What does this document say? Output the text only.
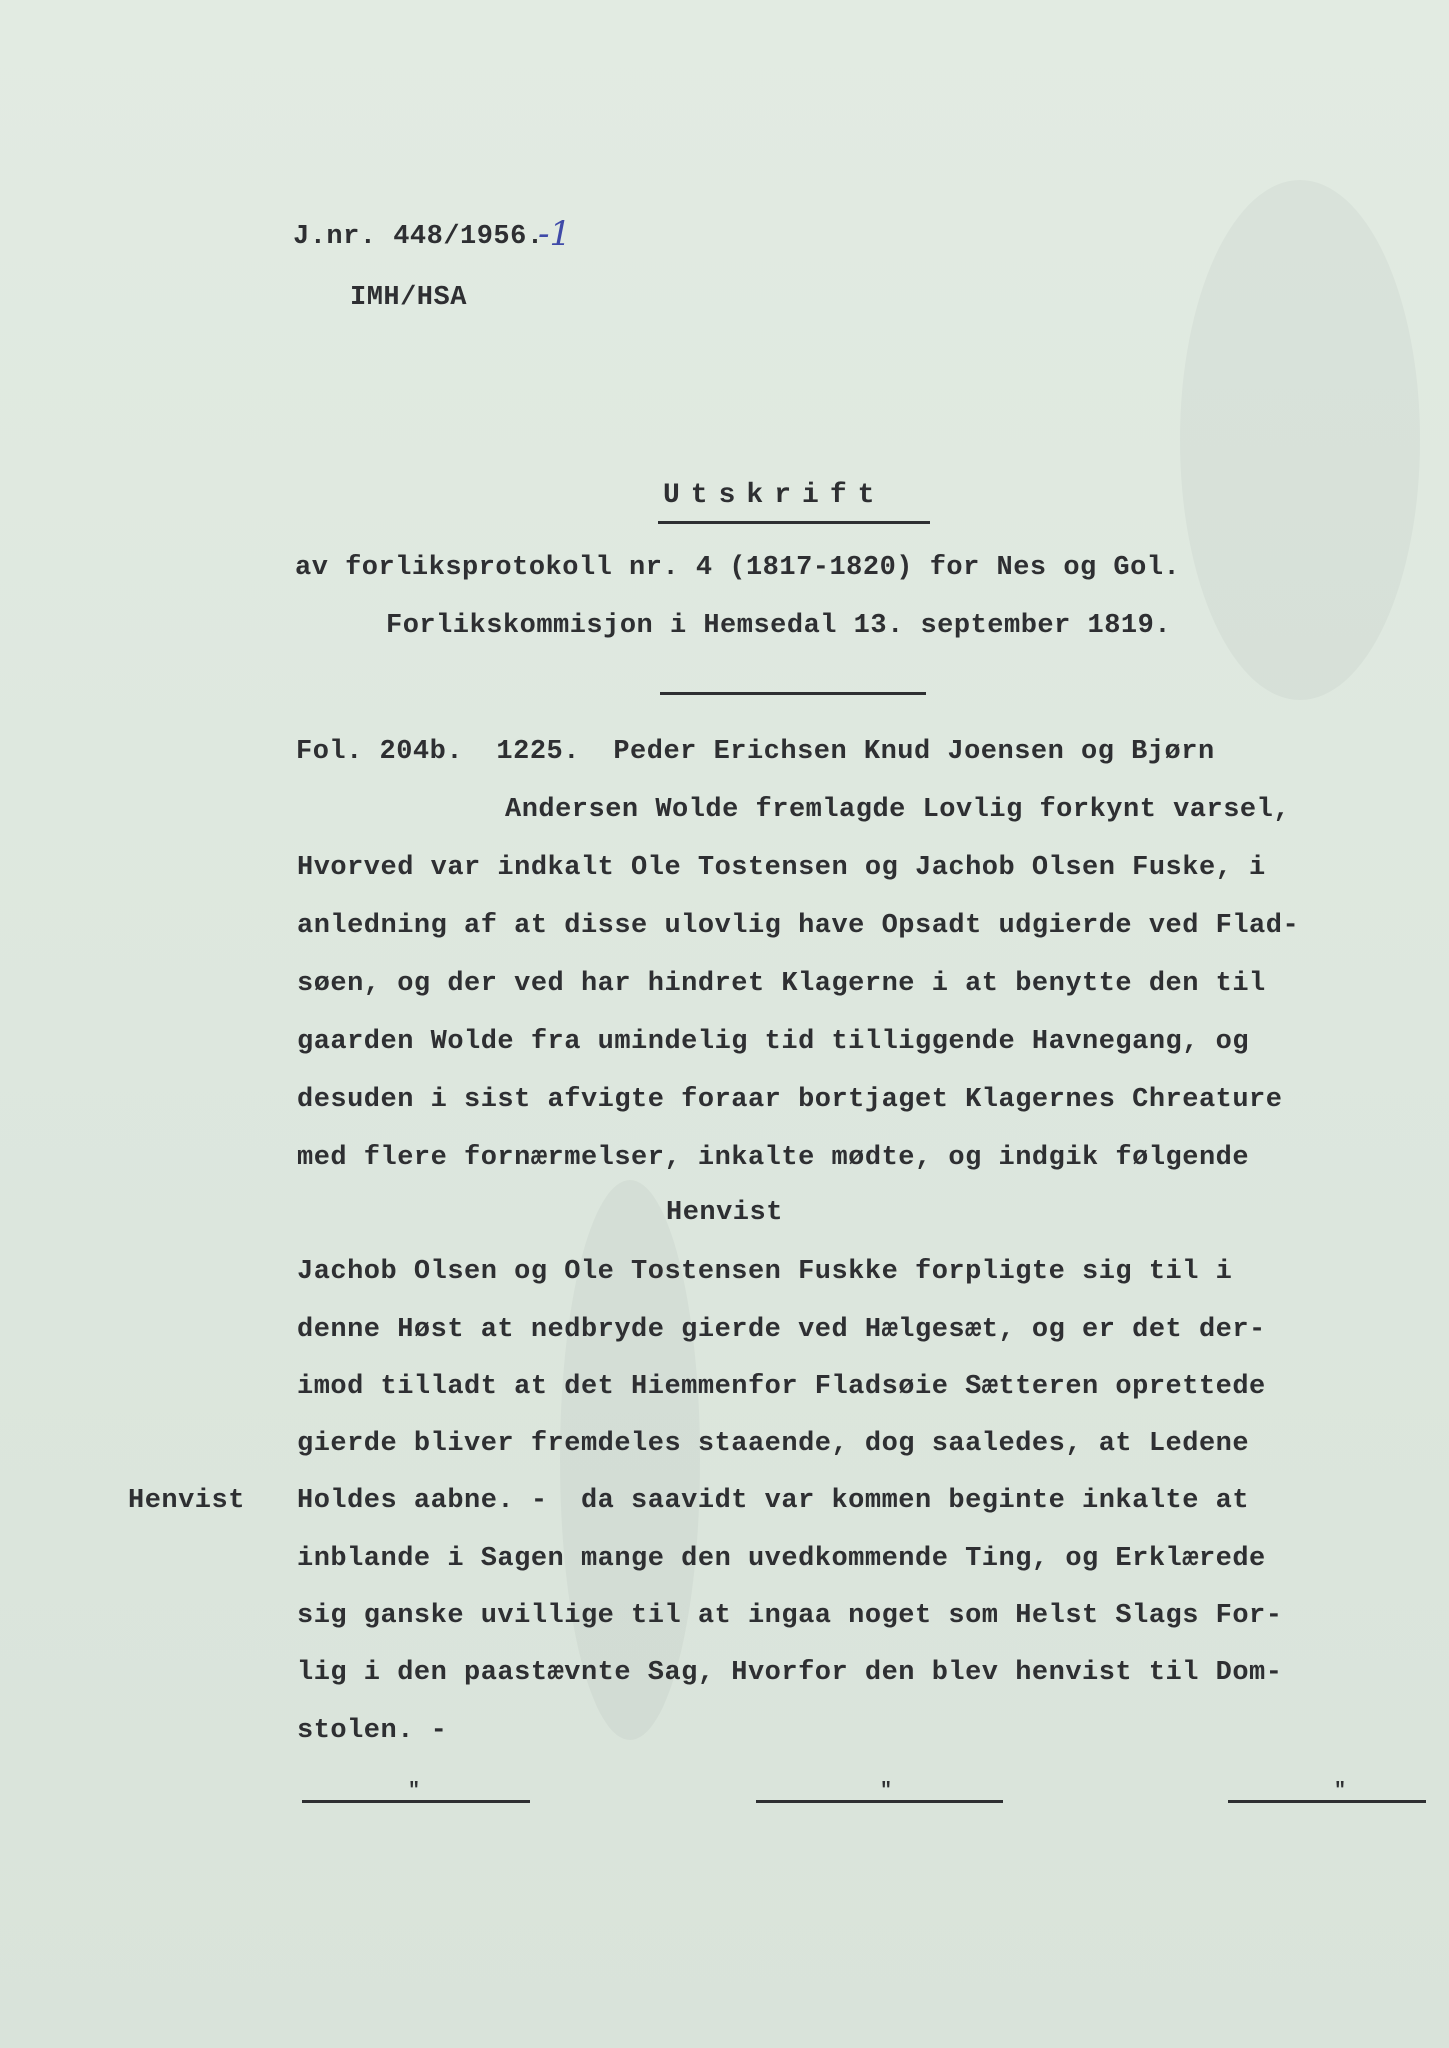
J.nr. 448/1956.
-1
IMH/HSA
Utskrift
av forliksprotokoll nr. 4 (1817-1820) for Nes og Gol.
Forlikskommisjon i Hemsedal 13. september 1819.
Fol. 204b.  1225.  Peder Erichsen Knud Joensen og Bjørn
Andersen Wolde fremlagde Lovlig forkynt varsel,
Hvorved var indkalt Ole Tostensen og Jachob Olsen Fuske, i
anledning af at disse ulovlig have Opsadt udgierde ved Flad-
søen, og der ved har hindret Klagerne i at benytte den til
gaarden Wolde fra umindelig tid tilliggende Havnegang, og
desuden i sist afvigte foraar bortjaget Klagernes Chreature
med flere fornærmelser, inkalte mødte, og indgik følgende
Henvist
Jachob Olsen og Ole Tostensen Fuskke forpligte sig til i
denne Høst at nedbryde gierde ved Hælgesæt, og er det der-
imod tilladt at det Hiemmenfor Fladsøie Sætteren oprettede
gierde bliver fremdeles staaende, dog saaledes, at Ledene
Holdes aabne. -  da saavidt var kommen beginte inkalte at
inblande i Sagen mange den uvedkommende Ting, og Erklærede
sig ganske uvillige til at ingaa noget som Helst Slags For-
lig i den paastævnte Sag, Hvorfor den blev henvist til Dom-
stolen. -
Henvist
"	"	"
